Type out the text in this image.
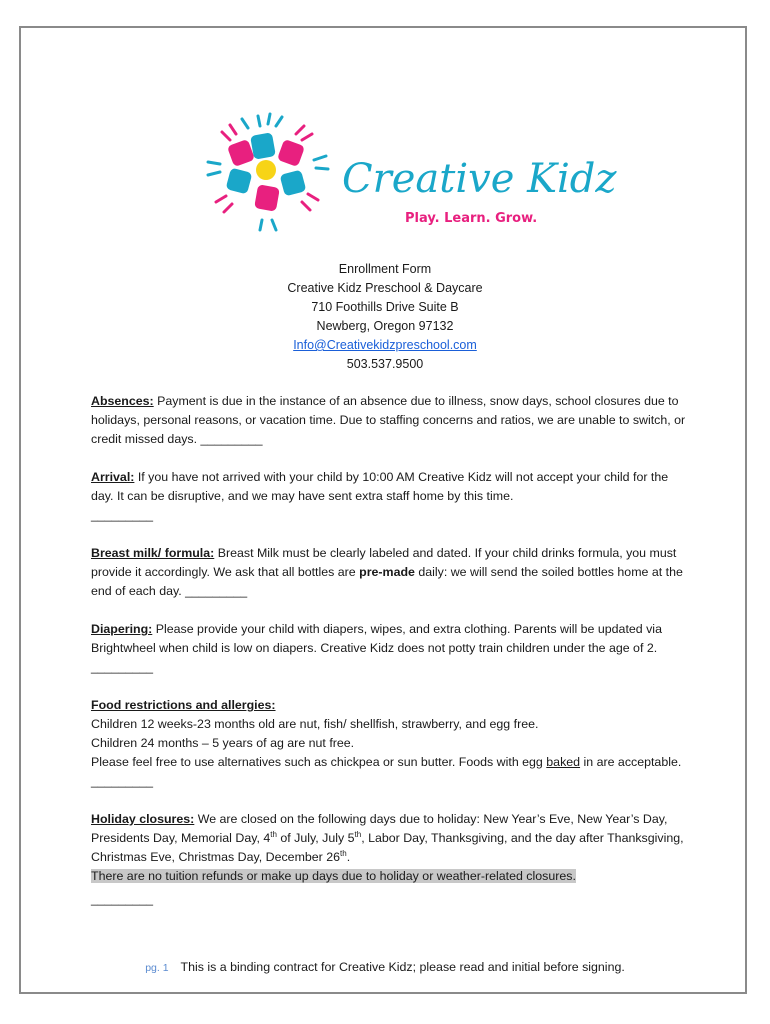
Creative Kidz
Play. Learn. Grow.
Enrollment Form
Creative Kidz Preschool & Daycare
710 Foothills Drive Suite B
Newberg, Oregon 97132
Info@Creativekidzpreschool.com
503.537.9500

Absences: Payment is due in the instance of an absence due to illness, snow days, school closures due to holidays, personal reasons, or vacation time. Due to staffing concerns and ratios, we are unable to switch, or credit missed days. _________

Arrival: If you have not arrived with your child by 10:00 AM Creative Kidz will not accept your child for the day. It can be disruptive, and we may have sent extra staff home by this time.

_________

Breast milk/ formula: Breast Milk must be clearly labeled and dated. If your child drinks formula, you must provide it accordingly. We ask that all bottles are pre-made daily: we will send the soiled bottles home at the end of each day. _________

Diapering: Please provide your child with diapers, wipes, and extra clothing. Parents will be updated via Brightwheel when child is low on diapers. Creative Kidz does not potty train children under the age of 2. _________

Food restrictions and allergies:
Children 12 weeks-23 months old are nut, fish/ shellfish, strawberry, and egg free.
Children 24 months – 5 years of ag are nut free.
Please feel free to use alternatives such as chickpea or sun butter. Foods with egg baked in are acceptable. _________

Holiday closures: We are closed on the following days due to holiday: New Year’s Eve, New Year’s Day, Presidents Day, Memorial Day, 4th of July, July 5th, Labor Day, Thanksgiving, and the day after Thanksgiving, Christmas Eve, Christmas Day, December 26th.
There are no tuition refunds or make up days due to holiday or weather-related closures.

_________

pg. 1 This is a binding contract for Creative Kidz; please read and initial before signing.
